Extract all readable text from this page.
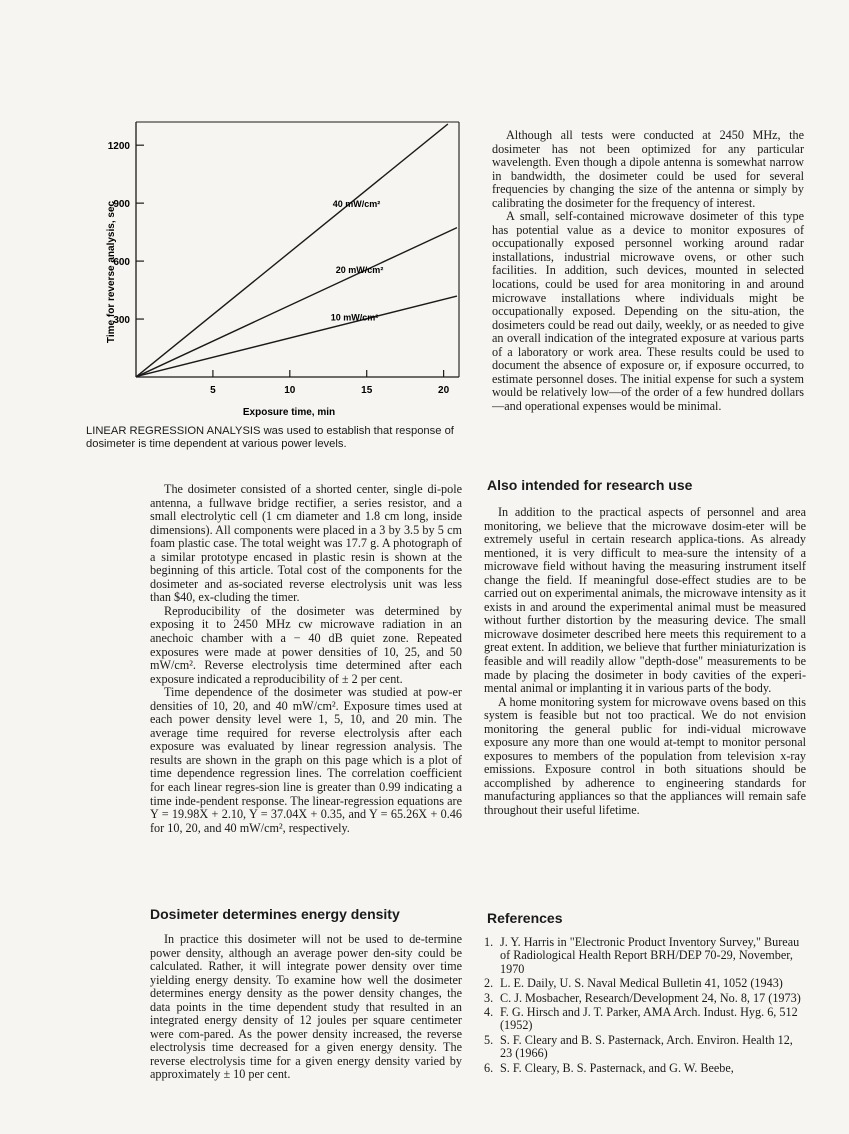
5	10	15	20
300
600
900
1200
40 mW/cm²
20 mW/cm²
10 mW/cm²
Time for reverse analysis, sec
Exposure time, min

LINEAR REGRESSION ANALYSIS was used to establish that response of dosimeter is time dependent at various power levels.

The dosimeter consisted of a shorted center, single di-pole antenna, a fullwave bridge rectifier, a series resistor, and a small electrolytic cell (1 cm diameter and 1.8 cm long, inside dimensions). All components were placed in a 3 by 3.5 by 5 cm foam plastic case. The total weight was 17.7 g. A photograph of a similar prototype encased in plastic resin is shown at the beginning of this article. Total cost of the components for the dosimeter and as-sociated reverse electrolysis unit was less than $40, ex-cluding the timer.

Reproducibility of the dosimeter was determined by exposing it to 2450 MHz cw microwave radiation in an anechoic chamber with a − 40 dB quiet zone. Repeated exposures were made at power densities of 10, 25, and 50 mW/cm². Reverse electrolysis time determined after each exposure indicated a reproducibility of ± 2 per cent.

Time dependence of the dosimeter was studied at pow-er densities of 10, 20, and 40 mW/cm². Exposure times used at each power density level were 1, 5, 10, and 20 min. The average time required for reverse electrolysis after each exposure was evaluated by linear regression analysis. The results are shown in the graph on this page which is a plot of time dependence regression lines. The correlation coefficient for each linear regres-sion line is greater than 0.99 indicating a time inde-pendent response. The linear-regression equations are Y = 19.98X + 2.10, Y = 37.04X + 0.35, and Y = 65.26X + 0.46 for 10, 20, and 40 mW/cm², respectively.

Dosimeter determines energy density

In practice this dosimeter will not be used to de-termine power density, although an average power den-sity could be calculated. Rather, it will integrate power density over time yielding energy density. To examine how well the dosimeter determines energy density as the power density changes, the data points in the time dependent study that resulted in an integrated energy density of 12 joules per square centimeter were com-pared. As the power density increased, the reverse electrolysis time decreased for a given energy density. The reverse electrolysis time for a given energy density varied by approximately ± 10 per cent.

Although all tests were conducted at 2450 MHz, the dosimeter has not been optimized for any particular wavelength. Even though a dipole antenna is somewhat narrow in bandwidth, the dosimeter could be used for several frequencies by changing the size of the antenna or simply by calibrating the dosimeter for the frequency of interest.

A small, self-contained microwave dosimeter of this type has potential value as a device to monitor exposures of occupationally exposed personnel working around radar installations, industrial microwave ovens, or other such facilities. In addition, such devices, mounted in selected locations, could be used for area monitoring in and around microwave installations where individuals might be occupationally exposed. Depending on the situ-ation, the dosimeters could be read out daily, weekly, or as needed to give an overall indication of the integrated exposure at various parts of a laboratory or work area. These results could be used to document the absence of exposure or, if exposure occurred, to estimate personnel doses. The initial expense for such a system would be relatively low—of the order of a few hundred dollars—and operational expenses would be minimal.

Also intended for research use

In addition to the practical aspects of personnel and area monitoring, we believe that the microwave dosim-eter will be extremely useful in certain research applica-tions. As already mentioned, it is very difficult to mea-sure the intensity of a microwave field without having the measuring instrument itself change the field. If meaningful dose-effect studies are to be carried out on experimental animals, the microwave intensity as it exists in and around the experimental animal must be measured without further distortion by the measuring device. The small microwave dosimeter described here meets this requirement to a great extent. In addition, we believe that further miniaturization is feasible and will readily allow "depth-dose" measurements to be made by placing the dosimeter in body cavities of the experi-mental animal or implanting it in various parts of the body.

A home monitoring system for microwave ovens based on this system is feasible but not too practical. We do not envision monitoring the general public for indi-vidual microwave exposure any more than one would at-tempt to monitor personal exposures to members of the population from television x-ray emissions. Exposure control in both situations should be accomplished by adherence to engineering standards for manufacturing appliances so that the appliances will remain safe throughout their useful lifetime.

References
1. J. Y. Harris in "Electronic Product Inventory Survey," Bureau of Radiological Health Report BRH/DEP 70-29, November, 1970
2. L. E. Daily, U. S. Naval Medical Bulletin 41, 1052 (1943)
3. C. J. Mosbacher, Research/Development 24, No. 8, 17 (1973)
4. F. G. Hirsch and J. T. Parker, AMA Arch. Indust. Hyg. 6, 512 (1952)
5. S. F. Cleary and B. S. Pasternack, Arch. Environ. Health 12, 23 (1966)
6. S. F. Cleary, B. S. Pasternack, and G. W. Beebe,
